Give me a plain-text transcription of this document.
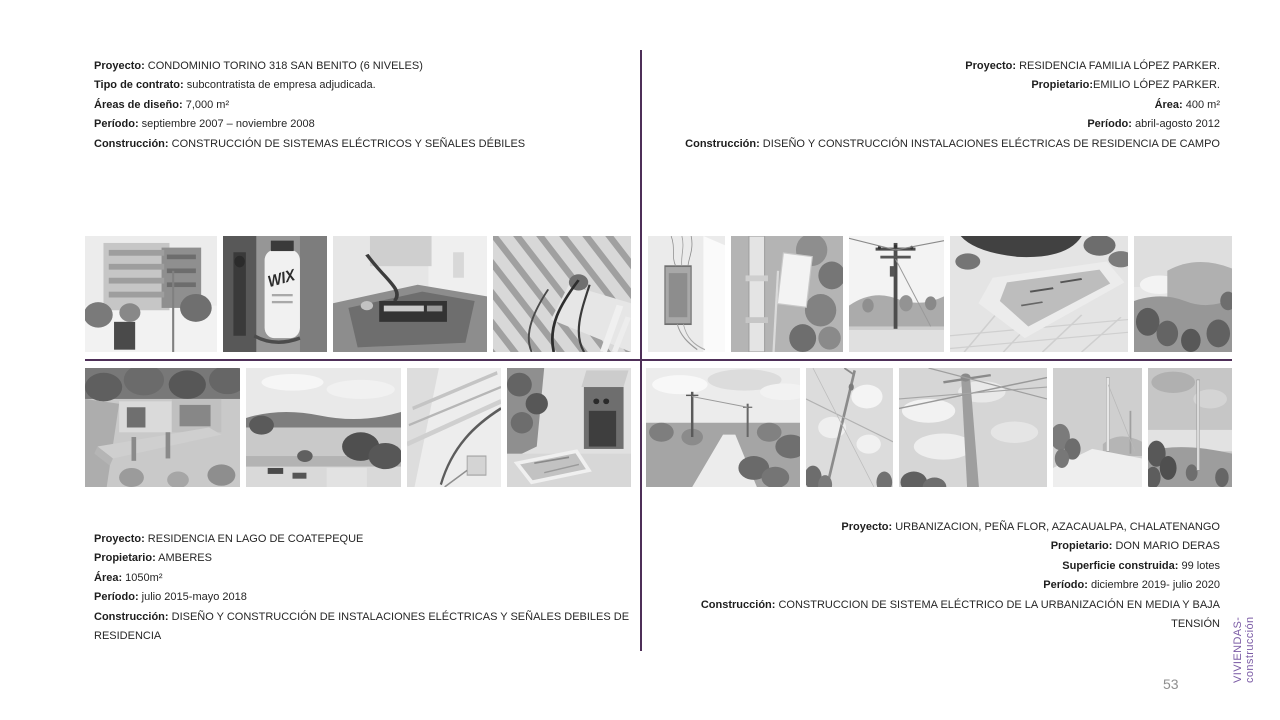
Proyecto: CONDOMINIO TORINO 318 SAN BENITO (6 NIVELES)
Tipo de contrato: subcontratista de empresa adjudicada.
Áreas de diseño: 7,000 m²
Período: septiembre 2007 – noviembre 2008
Construcción: CONSTRUCCIÓN DE SISTEMAS ELÉCTRICOS Y SEÑALES DÉBILES
Proyecto: RESIDENCIA FAMILIA LÓPEZ PARKER.
Propietario:EMILIO LÓPEZ PARKER.
Área: 400 m²
Período: abril-agosto 2012
Construcción: DISEÑO Y CONSTRUCCIÓN INSTALACIONES ELÉCTRICAS DE RESIDENCIA DE CAMPO
WIX
Proyecto: RESIDENCIA EN LAGO DE COATEPEQUE
Propietario: AMBERES
Área: 1050m²
Período: julio 2015-mayo 2018
Construcción: DISEÑO Y CONSTRUCCIÓN DE INSTALACIONES ELÉCTRICAS Y SEÑALES DEBILES DE RESIDENCIA
Proyecto: URBANIZACION, PEÑA FLOR, AZACAUALPA, CHALATENANGO
Propietario: DON MARIO DERAS
Superficie construida: 99 lotes
Período: diciembre 2019- julio 2020
Construcción: CONSTRUCCION DE SISTEMA ELÉCTRICO DE LA URBANIZACIÓN EN MEDIA Y BAJA TENSIÓN VIVIENDAS-construcción
53
